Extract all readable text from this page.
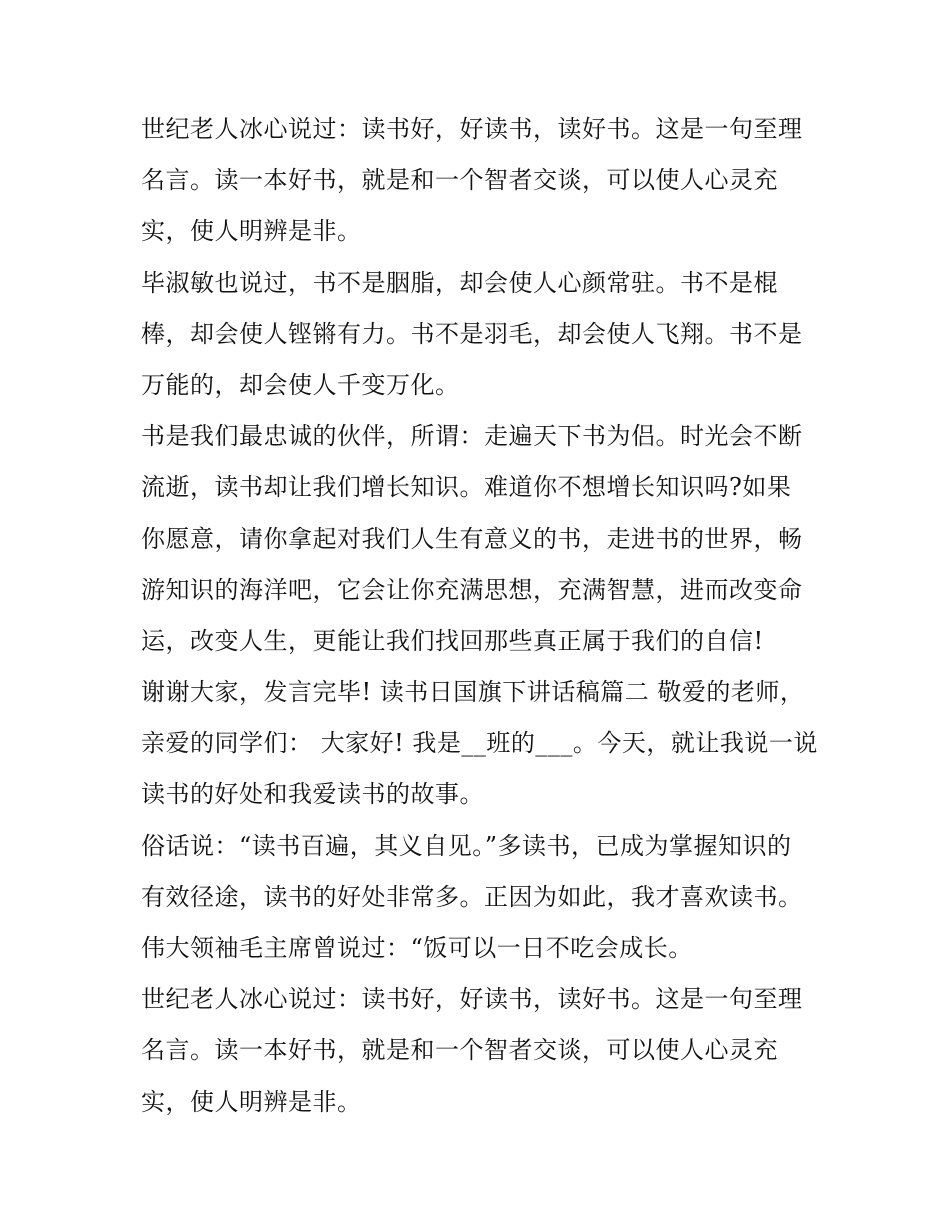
世纪老人冰心说过：读书好，好读书，读好书。这是一句至理
名言。读一本好书，就是和一个智者交谈，可以使人心灵充
实，使人明辨是非。
毕淑敏也说过，书不是胭脂，却会使人心颜常驻。书不是棍
棒，却会使人铿锵有力。书不是羽毛，却会使人飞翔。书不是
万能的，却会使人千变万化。
书是我们最忠诚的伙伴，所谓：走遍天下书为侣。时光会不断
流逝，读书却让我们增长知识。难道你不想增长知识吗?如果
你愿意，请你拿起对我们人生有意义的书，走进书的世界，畅
游知识的海洋吧，它会让你充满思想，充满智慧，进而改变命
运，改变人生，更能让我们找回那些真正属于我们的自信!
谢谢大家，发言完毕! 读书日国旗下讲话稿篇二 敬爱的老师，
亲爱的同学们： 大家好! 我是__班的___。今天，就让我说一说
读书的好处和我爱读书的故事。
俗话说：“读书百遍，其义自见。”多读书，已成为掌握知识的
有效径途，读书的好处非常多。正因为如此，我才喜欢读书。
伟大领袖毛主席曾说过：“饭可以一日不吃会成长。
世纪老人冰心说过：读书好，好读书，读好书。这是一句至理
名言。读一本好书，就是和一个智者交谈，可以使人心灵充
实，使人明辨是非。
